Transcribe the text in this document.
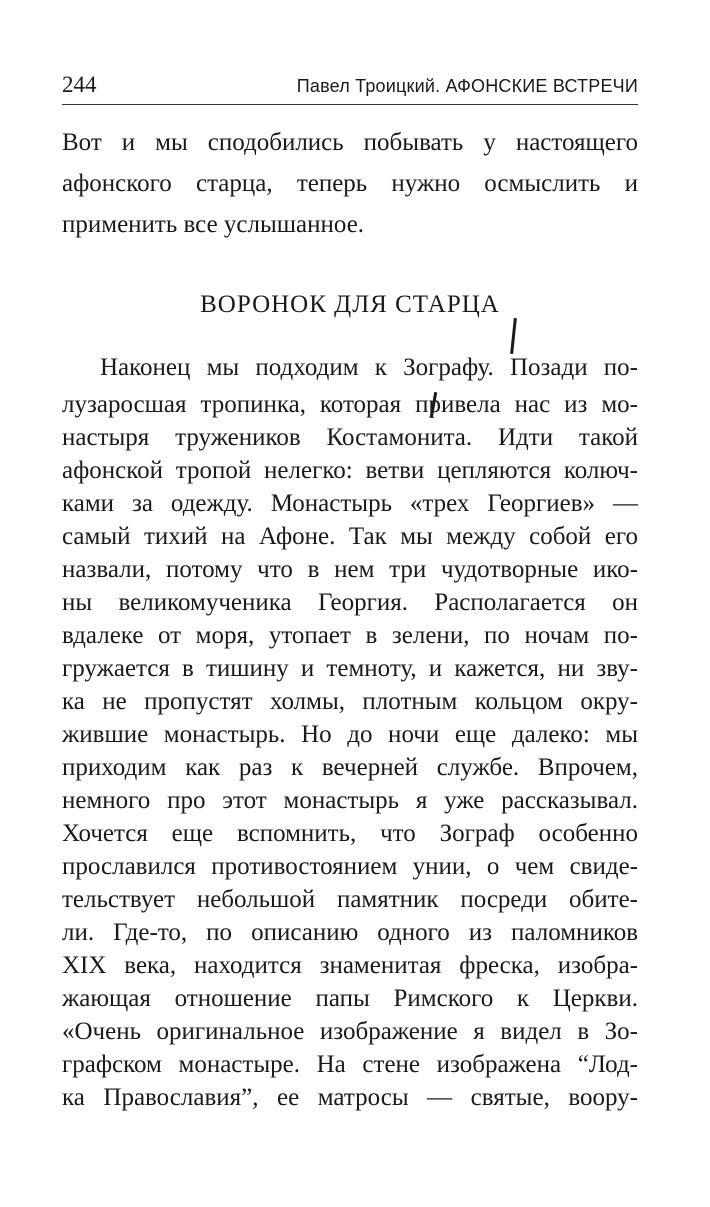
244	Павел Троицкий. АФОНСКИЕ ВСТРЕЧИ
Вот и мы сподобились побывать у настоящего
афонского старца, теперь нужно осмыслить и
применить все услышанное.
ВОРОНОК ДЛЯ СТАРЦА
Наконец мы подходим к Зографу. Позади по-
лузаросшая тропинка, которая привела нас из мо-
настыря тружеников Костамонита. Идти такой
афонской тропой нелегко: ветви цепляются колюч-
ками за одежду. Монастырь «трех Георгиев» —
самый тихий на Афоне. Так мы между собой его
назвали, потому что в нем три чудотворные ико-
ны великомученика Георгия. Располагается он
вдалеке от моря, утопает в зелени, по ночам по-
гружается в тишину и темноту, и кажется, ни зву-
ка не пропустят холмы, плотным кольцом окру-
жившие монастырь. Но до ночи еще далеко: мы
приходим как раз к вечерней службе. Впрочем,
немного про этот монастырь я уже рассказывал.
Хочется еще вспомнить, что Зограф особенно
прославился противостоянием унии, о чем свиде-
тельствует небольшой памятник посреди обите-
ли. Где-то, по описанию одного из паломников
XIX века, находится знаменитая фреска, изобра-
жающая отношение папы Римского к Церкви.
«Очень оригинальное изображение я видел в Зо-
графском монастыре. На стене изображена “Лод-
ка Православия”, ее матросы — святые, воору-
